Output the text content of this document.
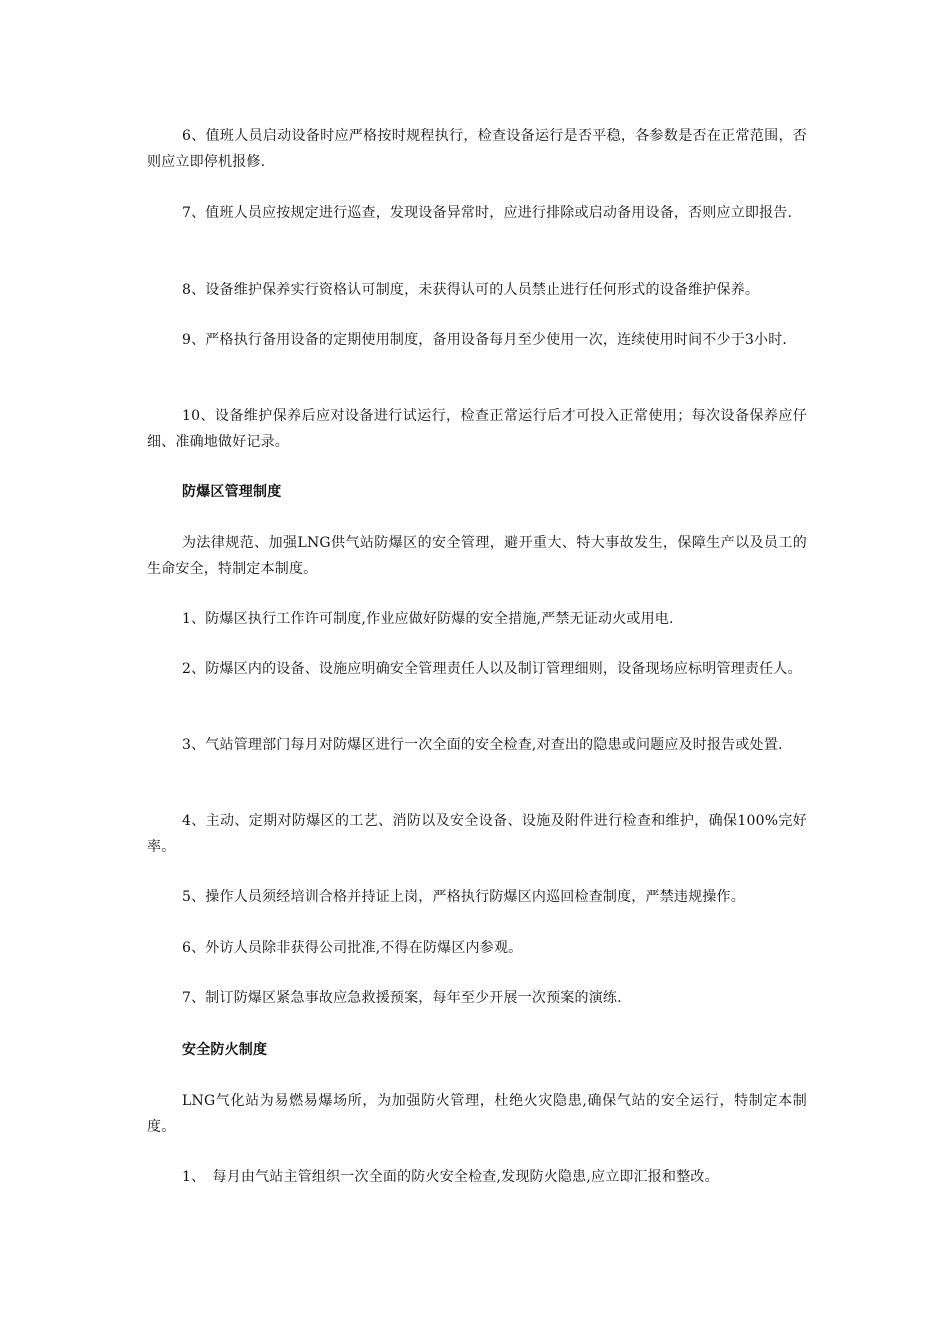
6、值班人员启动设备时应严格按时规程执行，检查设备运行是否平稳，各参数是否在正常范围，否则应立即停机报修.
7、值班人员应按规定进行巡查，发现设备异常时，应进行排除或启动备用设备，否则应立即报告.
8、设备维护保养实行资格认可制度，未获得认可的人员禁止进行任何形式的设备维护保养。
9、严格执行备用设备的定期使用制度，备用设备每月至少使用一次，连续使用时间不少于3小时.
10、设备维护保养后应对设备进行试运行，检查正常运行后才可投入正常使用；每次设备保养应仔细、准确地做好记录。
防爆区管理制度
为法律规范、加强LNG供气站防爆区的安全管理，避开重大、特大事故发生，保障生产以及员工的生命安全，特制定本制度。
1、防爆区执行工作许可制度,作业应做好防爆的安全措施,严禁无证动火或用电.
2、防爆区内的设备、设施应明确安全管理责任人以及制订管理细则，设备现场应标明管理责任人。
3、气站管理部门每月对防爆区进行一次全面的安全检查,对查出的隐患或问题应及时报告或处置.
4、主动、定期对防爆区的工艺、消防以及安全设备、设施及附件进行检查和维护，确保100%完好率。
5、操作人员须经培训合格并持证上岗，严格执行防爆区内巡回检查制度，严禁违规操作。
6、外访人员除非获得公司批准,不得在防爆区内参观。
7、制订防爆区紧急事故应急救援预案，每年至少开展一次预案的演练.
安全防火制度
LNG气化站为易燃易爆场所，为加强防火管理，杜绝火灾隐患,确保气站的安全运行，特制定本制度。
1、　每月由气站主管组织一次全面的防火安全检查,发现防火隐患,应立即汇报和整改。
